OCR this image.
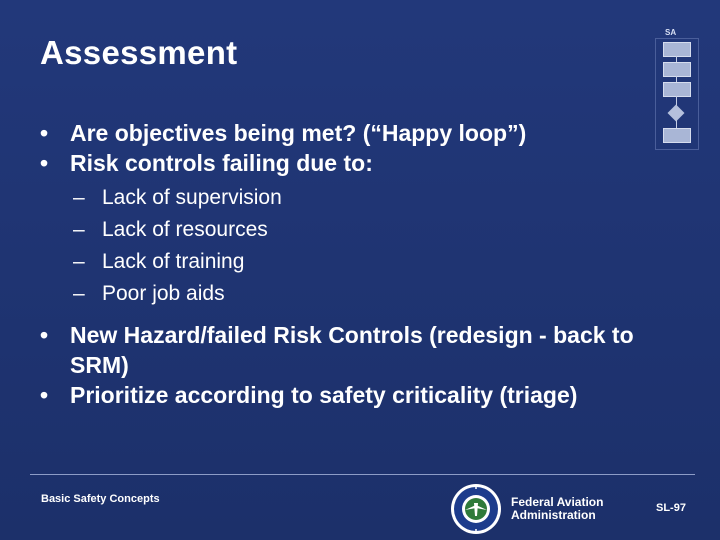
Assessment
SA
• Are objectives being met? (“Happy loop”)
• Risk controls failing due to:
– Lack of supervision
– Lack of resources
– Lack of training
– Poor job aids
• New Hazard/failed Risk Controls (redesign - back to SRM)
• Prioritize according to safety criticality (triage)
Basic Safety Concepts	Federal Aviation
Administration	SL-97
